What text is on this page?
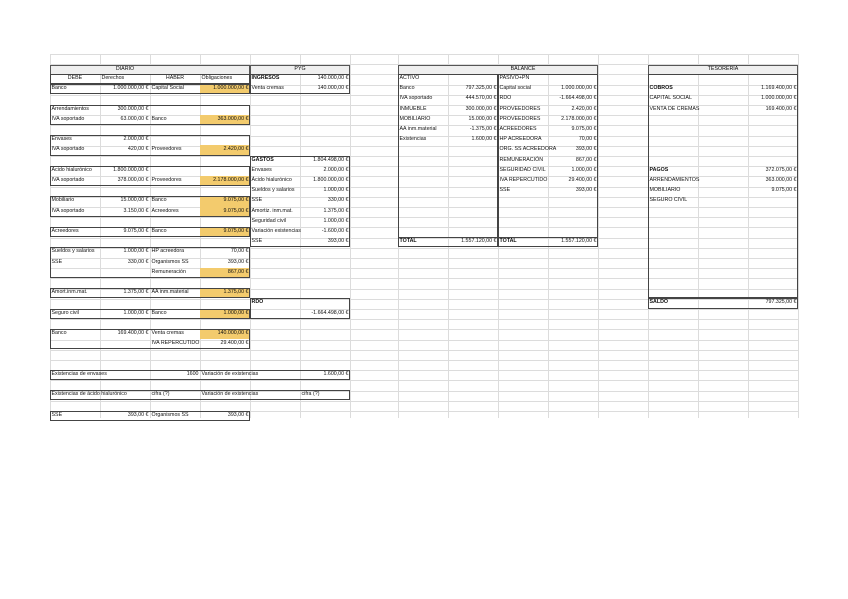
DIARIO
DEBE	Derechos	HABER	Obligaciones
Banco	1.000.000,00 € Capital Social	1.000.000,00 €
Arrendamientos	300.000,00 €
IVA soportado	63.000,00 € Banco	363.000,00 €
Envases	2.000,00 €
IVA soportado	420,00 € Proveedores	2.420,00 €
Ácido hialurónico	1.800.000,00 €
IVA soportado	378.000,00 € Proveedores	2.178.000,00 €
Mobiliario	15.000,00 € Banco	9.075,00 €
IVA soportado	3.150,00 € Acreedores	9.075,00 €
Acreedores	9.075,00 € Banco	9.075,00 €
Sueldos y salarios	1.000,00 € HP acreedora	70,00 €
SSE	330,00 € Organismos SS	393,00 €
Remuneración	867,00 €
Amort.inm.mat.	1.375,00 € AA inm.material	1.375,00 €
Seguro civil	1.000,00 € Banco	1.000,00 €
Banco	169.400,00 € Venta cremas	140.000,00 €
IVA REPERCUTIDO	29.400,00 €
Existencias de envases	1600 Variación de existencias	1.600,00 €
Existencias de ácido hialurónico	cifra (?)	Variación de existencias	cifra (?)
SSE	393,00 € Organismos SS	393,00 €
PYG
INGRESOS	140.000,00 €
Venta cremas	140.000,00 €
GASTOS	1.804.498,00 €
Envases	2.000,00 €
Ácido hialurónico	1.800.000,00 €
Sueldos y salarios	1.000,00 €
SSE	330,00 €
Amortiz. inm.mat.	1.375,00 €
Seguridad civil	1.000,00 €
Variación existencias	-1.600,00 €
SSE	393,00 €
RDO
-1.664.498,00 €
BALANCE
ACTIVO	PASIVO+PN
Banco	797.325,00 € Capital social	1.000.000,00 €
IVA soportado	444.570,00 € RDO	-1.664.498,00 €
INMUEBLE	300.000,00 € PROVEEDORES	2.420,00 €
MOBILIARIO	15.000,00 € PROVEEDORES	2.178.000,00 €
AA inm.material	-1.375,00 € ACREEDORES	9.075,00 €
Existencias	1.600,00 € HP ACREEDORA	70,00 €
ORG. SS ACREEDORA	393,00 €
REMUNERACIÓN	867,00 €
SEGURIDAD CIVIL	1.000,00 €
IVA REPERCUTIDO	29.400,00 €
SSE	393,00 €
TOTAL	1.557.120,00 € TOTAL	1.557.120,00 €
TESORERÍA
COBROS	1.169.400,00 €
CAPITAL SOCIAL	1.000.000,00 €
VENTA DE CREMAS	169.400,00 €
PAGOS	372.075,00 €
ARRENDAMIENTOS	363.000,00 €
MOBILIARIO	9.075,00 €
SEGURO CIVIL
SALDO	797.325,00 €
